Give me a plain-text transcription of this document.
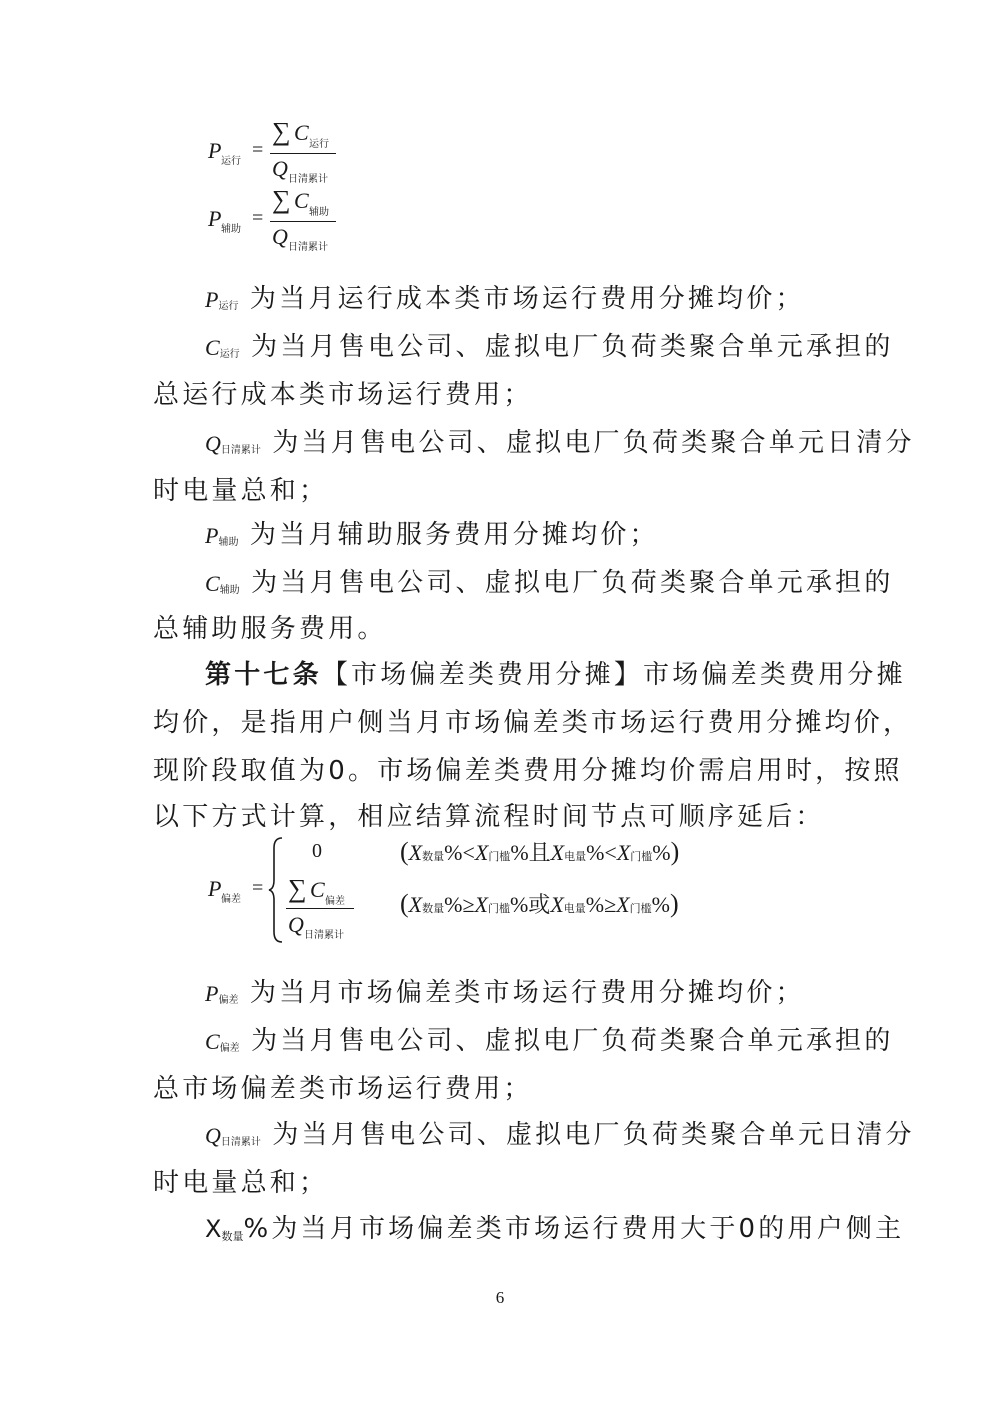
P 运行
=
∑ C 运行
Q 日清累计
P 辅助
=
∑ C 辅助
Q 日清累计
P运行 为当月运行成本类市场运行费用分摊均价；
C运行 为当月售电公司、虚拟电厂负荷类聚合单元承担的
总运行成本类市场运行费用；
Q日清累计 为当月售电公司、虚拟电厂负荷类聚合单元日清分
时电量总和；
P辅助 为当月辅助服务费用分摊均价；
C辅助 为当月售电公司、虚拟电厂负荷类聚合单元承担的
总辅助服务费用。
第十七条【市场偏差类费用分摊】市场偏差类费用分摊
均价，是指用户侧当月市场偏差类市场运行费用分摊均价，
现阶段取值为0。市场偏差类费用分摊均价需启用时，按照
以下方式计算，相应结算流程时间节点可顺序延后：
P 偏差
=
0	(X数量%<X门槛%且X电量%<X门槛%)
∑ C 偏差
Q 日清累计
(X数量%≥X门槛%或X电量%≥X门槛%)
P偏差 为当月市场偏差类市场运行费用分摊均价；
C偏差 为当月售电公司、虚拟电厂负荷类聚合单元承担的
总市场偏差类市场运行费用；
Q日清累计 为当月售电公司、虚拟电厂负荷类聚合单元日清分
时电量总和；
X数量%为当月市场偏差类市场运行费用大于0的用户侧主
6
